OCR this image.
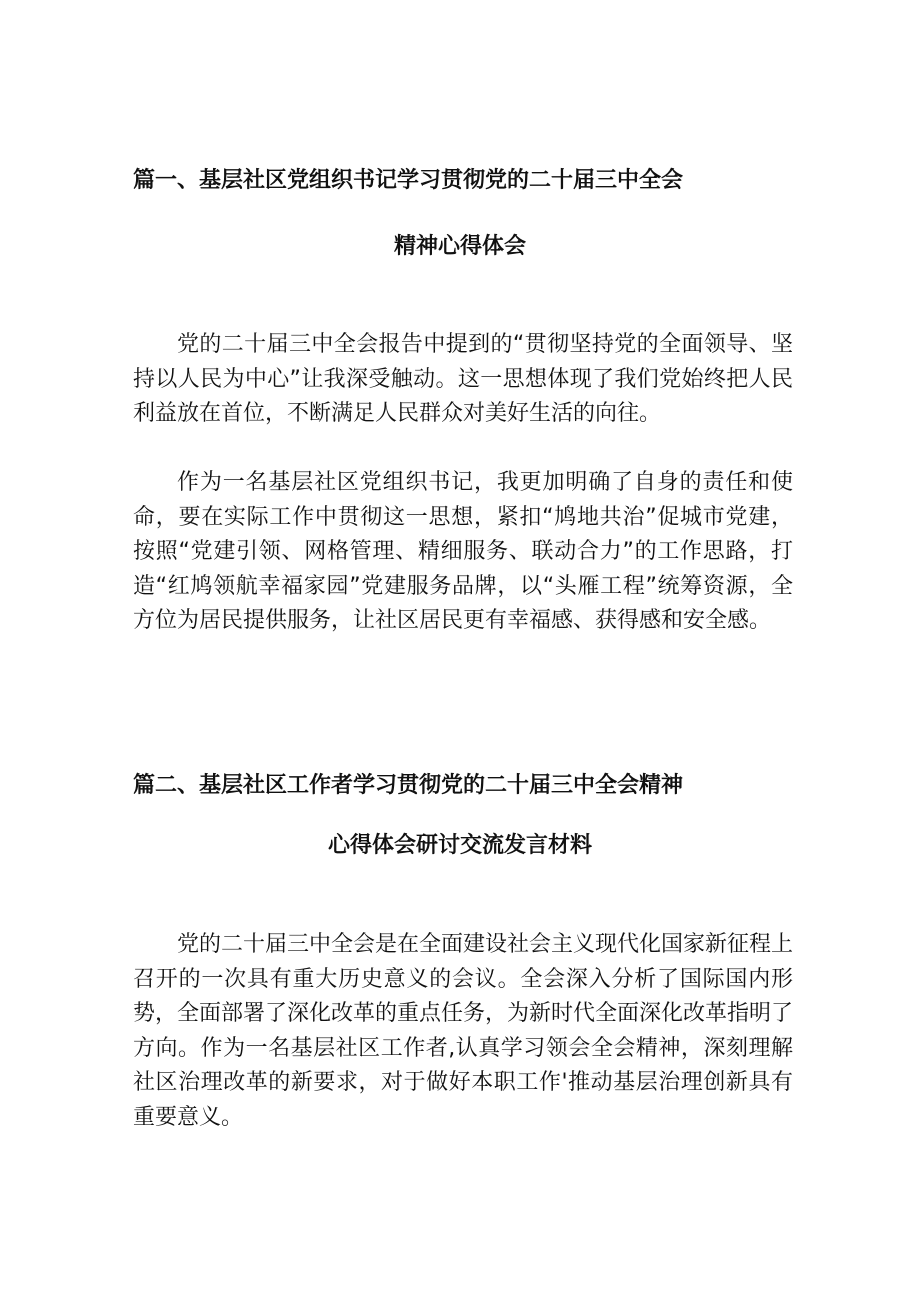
篇一、基层社区党组织书记学习贯彻党的二十届三中全会
精神心得体会

党的二十届三中全会报告中提到的“贯彻坚持党的全面领导、坚持以人民为中心”让我深受触动。这一思想体现了我们党始终把人民利益放在首位，不断满足人民群众对美好生活的向往。

作为一名基层社区党组织书记，我更加明确了自身的责任和使命，要在实际工作中贯彻这一思想，紧扣“鸠地共治”促城市党建，按照“党建引领、网格管理、精细服务、联动合力”的工作思路，打造“红鸠领航幸福家园”党建服务品牌，以“头雁工程”统筹资源，全方位为居民提供服务，让社区居民更有幸福感、获得感和安全感。

篇二、基层社区工作者学习贯彻党的二十届三中全会精神
心得体会研讨交流发言材料

党的二十届三中全会是在全面建设社会主义现代化国家新征程上召开的一次具有重大历史意义的会议。全会深入分析了国际国内形势，全面部署了深化改革的重点任务，为新时代全面深化改革指明了方向。作为一名基层社区工作者,认真学习领会全会精神，深刻理解社区治理改革的新要求，对于做好本职工作'推动基层治理创新具有重要意义。
